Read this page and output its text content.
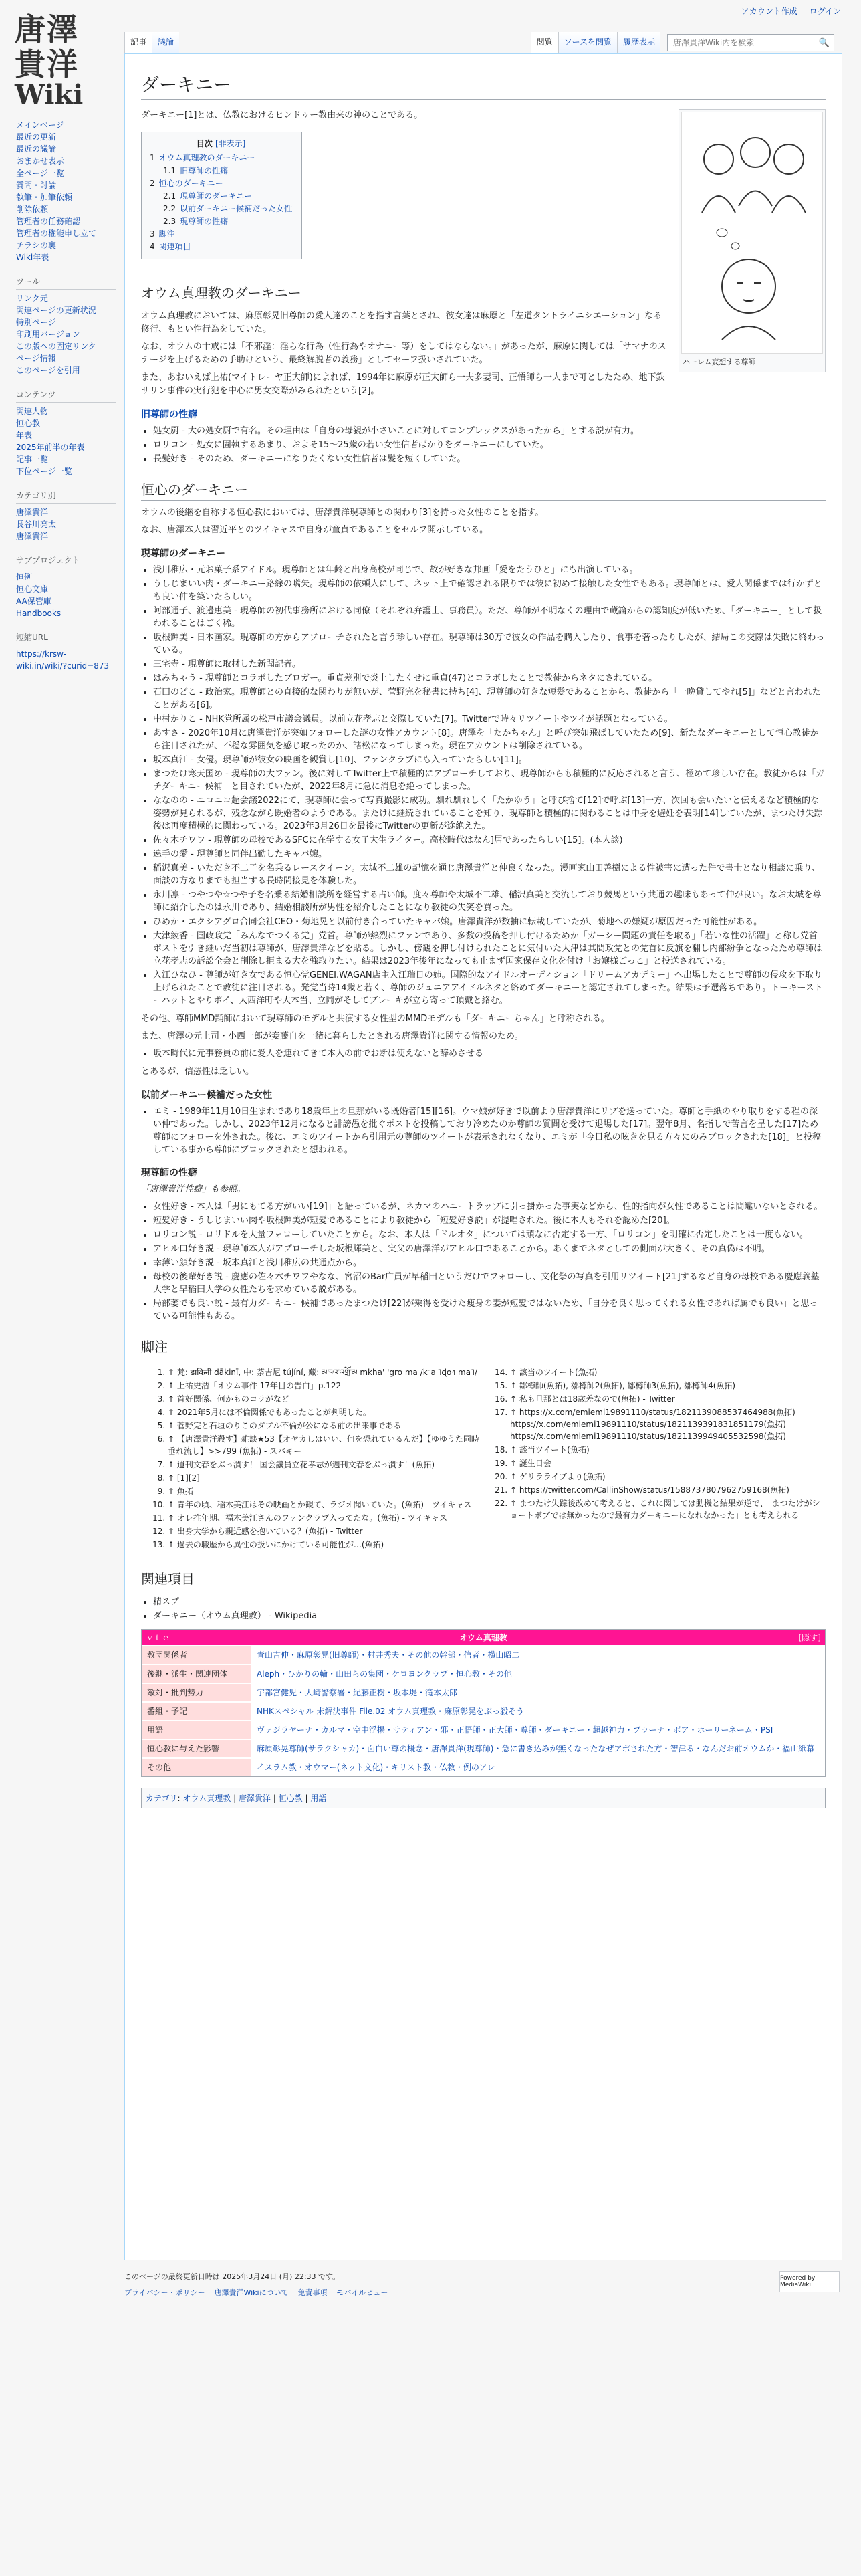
アカウント作成 ログイン
唐澤
貴洋
Wiki
メインページ
最近の更新
最近の議論
おまかせ表示
全ページ一覧
質問・討論
執筆・加筆依頼
削除依頼
管理者の任務確認
管理者の権能申し立て
チラシの裏
Wiki年表
ツール
リンク元
関連ページの更新状況
特別ページ
印刷用バージョン
この版への固定リンク
ページ情報
このページを引用
コンテンツ
関連人物
恒心教
年表
2025年前半の年表
記事一覧
下位ページ一覧
カテゴリ別
唐澤貴洋
長谷川亮太
唐澤貴洋
サブプロジェクト
恒例
恒心文庫
AA保管庫
Handbooks
短縮URL
https://krsw-wiki.in/wiki/?curid=873
記事	議論	閲覧	ソースを閲覧	履歴表示
唐澤貴洋Wiki内を検索	🔍
ダーキニー
ハーレム妄想する尊師

ダーキニー[1]とは、仏教におけるヒンドゥー教由来の神のことである。

目次 [非表示]
1 オウム真理教のダーキニー
1.1 旧尊師の性癖
2 恒心のダーキニー
2.1 現尊師のダーキニー
2.2 以前ダーキニー候補だった女性
2.3 現尊師の性癖
3 脚注
4 関連項目
オウム真理教のダーキニー

オウム真理教においては、麻原彰晃旧尊師の愛人達のことを指す言葉とされ、彼女達は麻原と「左道タントライニシエーション」なる修行、もとい性行為をしていた。

なお、オウムの十戒には「不邪淫：淫らな行為（性行為やオナニー等）をしてはならない。」があったが、麻原に関しては「サマナのステージを上げるための手助けという、最終解脱者の義務」としてセーフ扱いされていた。

また、あおいえば上祐(マイトレーヤ正大師)によれば、1994年に麻原が正大師ら一夫多妻司、正悟師ら一人まで可としたため、地下鉄サリン事件の実行犯を中心に男女交際がみられたという[2]。

旧尊師の性癖
• 処女厨 - 大の処女厨で有名。その理由は「自身の母親が小さいことに対してコンプレックスがあったから」とする説が有力。
• ロリコン - 処女に固執するあまり、およそ15〜25歳の若い女性信者ばかりをダーキニーにしていた。
• 長髪好き - そのため、ダーキニーになりたくない女性信者は髪を短くしていた。
恒心のダーキニー

オウムの後継を自称する恒心教においては、唐澤貴洋現尊師との関わり[3]を持った女性のことを指す。

なお、唐澤本人は習近平とのツイキャスで自身が童貞であることをセルフ開示している。

現尊師のダーキニー
• 浅川稚広・元お菓子系アイドル。現尊師とは年齢と出身高校が同じで、故が好きな邦画「愛をたうひと」にも出演している。
• うしじまいい肉・ダーキニー路線の嚆矢。現尊師の依頼人にして、ネット上で確認される限りでは彼に初めて接触した女性でもある。現尊師とは、愛人関係までは行かずとも良い仲を築いたらしい。
• 阿部通子、渡邉恵美 - 現尊師の初代事務所における同僚（それぞれ弁護士、事務員）。ただ、尊師が不明なくの理由で蔵論からの認知度が低いため、「ダーキニー」として扱われることはごく稀。
• 坂根輝美 - 日本画家。現尊師の方からアプローチされたと言う珍しい存在。現尊師は30万で彼女の作品を購入したり、食事を奢ったりしたが、結局この交際は失敗に終わっている。
• 三宅寺 - 現尊師に取材した新聞記者。
• はみちゃう - 現尊師とコラボしたブロガー。重貞差別で炎上したくせに重貞(47)とコラボしたことで教徒からネタにされている。
• 石田のどこ - 政治家。現尊師との直接的な関わりが無いが、菅野完を秘書に持ち[4]、現尊師の好きな短髪であることから、教徒から「一晩貸してやれ[5]」などと言われたことがある[6]。
• 中村かりこ - NHK党所属の松戸市議会議員。以前立花孝志と交際していた[7]。Twitterで時々リツイートやツイが話題となっている。
• あすさ - 2020年10月に唐澤貴洋が突如フォローした謎の女性アカウント[8]。唐澤を「たかちゃん」と呼び突如飛ばしていたため[9]、新たなダーキニーとして恒心教徒から注目されたが、不穏な雰囲気を感じ取ったのか、諸松になってしまった。現在アカウントは削除されている。
• 坂本真江 - 女優。現尊師が彼女の映画を観賞し[10]、ファンクラブにも入っていたらしい[11]。
• まつたけ寒天国め - 現尊師の大ファン。後に対してTwitter上で積極的にアプローチしており、現尊師からも積極的に反応されると言う、極めて珍しい存在。教徒からは「ガチダーキニー候補」と目されていたが、2022年8月に急に消息を絶ってしまった。
• ななのの - ニコニコ超会議2022にて、現尊師に会って写真撮影に成功。馴れ馴れしく「たかゆう」と呼び捨て[12]で呼ぶ[13]一方、次回も会いたいと伝えるなど積極的な姿勢が見られるが、残念ながら既婚者のようである。またけに継続されていることを知り、現尊師と積極的に関わることは中身を避妊を表明[14]していたが、まつたけ失踪後は再度積極的に関わっている。2023年3月26日を最後にTwitterの更新が途絶えた。
• 佐々木チワワ - 現尊師の母校であるSFCに在学する女子大生ライター。高校時代はなん]居であったらしい[15]。(本人談)
• 遠手の愛 - 現尊師と同伴出勤したキャバ嬢。
• 稲沢真美 - いただき不二子を名乗るレースクイーン。太城不二雄の記憶を通じ唐澤貴洋と仲良くなった。漫画家山田善樹による性被害に遭った件で書士となり相談に乗り、面談の方なりまでも担当する長時間接見を体験した。
• 永川凛 - つやつや☆つや子を名乗る結婚相談所を経営する占い師。度々尊師や太城不二雄、稲沢真美と交流しており競馬という共通の趣味もあって仲が良い。なお太城を尊師に紹介したのは永川であり、結婚相談所が男性を紹介したことになり教徒の失笑を買った。
• ひめか・エクシアグロ合同会社CEO・菊地晃と以前付き合っていたキャバ嬢。唐澤貴洋が数抽に転載していたが、菊地への嫌疑が原因だった可能性がある。
• 大津綾香 - 国政政党「みんなでつくる党」党首。尊師が熱烈にファンであり、多数の投稿を押し付けるためか「ガーシー問題の責任を取る」「若いな性の活躍」と称し党首ポストを引き継いだ当初は尊師が、唐澤貴洋などを貼る。しかし、傍観を押し付けられたことに気付いた大津は其間政党との党首に反旗を翻し内部紛争となったため尊師は立花孝志の訴訟全会と削除し拒まる大を強取りたい。結果は2023年後年になっても止まず国家保存文化を付け「お嬢様ごっこ」と投送されている。
• 入江ひなひ - 尊師が好き女である恒心党GENEI.WAGAN店主入江瑞日の姉。国際的なアイドルオーディション「ドリームアカデミー」へ出場したことで尊師の侵攻を下取り上げられたことで教徒に注目される。発覚当時14歳と若く、尊師のジュニアアイドルネタと絡めてダーキニーと認定されてしまった。結果は予選落ちであり。トーキーストーハットとやりポイ、大西洋町や大本当、立岡がそしてブレーキが立ち寄って頂戴と絡む。

その他、尊師MMD踊師において現尊師のモデルと共演する女性型のMMDモデルも「ダーキニーちゃん」と呼称される。

また、唐澤の元上司・小西一郎が妾藤自を一緒に暮らしたとされる唐澤貴洋に関する情報のため。

• 坂本時代に元事務員の前に愛人を連れてきて本人の前でお断は使えないと辞めさせる

とあるが、信憑性は乏しい。

以前ダーキニー候補だった女性
• エミ - 1989年11月10日生まれであり18歳年上の旦那がいる既婚者[15][16]。ウマ娘が好きで以前より唐澤貴洋にリプを送っていた。尊師と手紙のやり取りをする程の深い仲であった。しかし、2023年12月になると誹謗愚を批ぐポストを投稿しており冷めたのか尊師の質問を受けて退場した[17]。翌年8月、名指しで苦言を呈した[17]ため尊師にフォローを外された。後に、エミのツイートから引用元の尊師のツイートが表示されなくなり、エミが「今日私の呟きを見る方々にのみブロックされた[18]」と投稿している事から尊師にブロックされたと想われる。
現尊師の性癖

「唐澤貴洋性癖」も参照。

• 女性好き - 本人は「男にもてる方がいい[19]」と語っているが、ネカマのハニートラップに引っ掛かった事実などから、性的指向が女性であることは間違いないとされる。
• 短髪好き - うしじまいい肉や坂根輝美が短髪であることにより教徒から「短髪好き説」が提唱された。後に本人もそれを認めた[20]。
• ロリコン説 - ロリドルを大量フォローしていたことから。なお、本人は「ドルオタ」については頑なに否定する一方、「ロリコン」を明確に否定したことは一度もない。
• アヒル口好き説 - 現尊師本人がアプローチした坂根輝美と、実父の唐澤洋がアヒル口であることから。あくまでネタとしての側面が大きく、その真偽は不明。
• 幸薄い顔好き説 - 坂本真江と浅川稚広の共通点から。
• 母校の後輩好き説 - 慶應の佐々木チワワやなな、宮沼のBar店員が早稲田というだけでフォローし、文化祭の写真を引用リツイート[21]するなど自身の母校である慶應義塾大学と早稲田大学の女性たちを求めている説がある。
• 局部萎でも良い説 - 最有力ダーキニー候補であったまつたけ[22]が乗得を受けた痩身の妻が短髪ではないため、「自分を良く思ってくれる女性であれば属でも良い」と思っている可能性もある。
脚注
1. ↑ 梵: डाकिनी dākinī, 中: 荼吉尼 tújíní, 藏: མཁའ་འགྲོ་མ mkha' 'gro ma /kʰa˥˥ɖo˧˥ ma˥/
2. ↑ 上祐史浩「オウム事件 17年目の告白」p.122
3. ↑ 首好関係、何かものコラがなど
4. ↑ 2021年5月には不倫関係でもあったことが判明した。
5. ↑ 菅野完と石垣のりこのダブル不倫が公になる前の出来事である
6. ↑ 【唐澤貴洋殺す】雑談★53【オヤカしはいい、何を恐れているんだ】【ゆゆうた同時垂れ流し】>>799 (魚拓) - スバキー
7. ↑ 遺刊文春をぶっ潰す！ 国会議員立花孝志が週刊文春をぶっ潰す！(魚拓)
8. ↑ [1][2]
9. ↑ 魚拓
10. ↑ 青年の頃、稲木美江はその映画とか観て、ラジオ聞いていた。(魚拓) - ツイキャス
11. ↑ オレ推年期、福木美江さんのファンクラブ入ってたな。(魚拓) - ツイキャス
12. ↑ 出身大学から親近感を抱いている？(魚拓) - Twitter
13. ↑ 過去の職歴から異性の扱いにかけている可能性が…(魚拓)
14. ↑ 該当のツイート(魚拓)
15. ↑ 鄒樽師(魚拓), 鄒樽師2(魚拓), 鄒樽師3(魚拓), 鄒樽師4(魚拓)
16. ↑ 私も旦那とは18歳差なので(魚拓) - Twitter
17. ↑ https://x.com/emiemi19891110/status/1821139088537464988(魚拓) https://x.com/emiemi19891110/status/1821139391831851179(魚拓) https://x.com/emiemi19891110/status/1821139949405532598(魚拓)
18. ↑ 該当ツイート(魚拓)
19. ↑ 誕生日会
20. ↑ ゲリラライブより(魚拓)
21. ↑ https://twitter.com/CallinShow/status/1588737807962759168(魚拓)
22. ↑ まつたけ失踪後改めて考えると、これに関しては動機と結果が逆で、「まつたけがショートボブでは無かったので最有力ダーキニーになれなかった」とも考えられる
関連項目
• 精スプ
• ダーキニー（オウム真理教） - Wikipedia
ｖｔｅ	オウム真理教	[隠す]
教団関係者	青山吉伸・麻原彰晃(旧尊師)・村井秀夫・その他の幹部・信者・横山昭二
後継・派生・関連団体	Aleph・ひかりの輪・山田らの集団・ケロヨンクラブ・恒心教・その他
敵対・批判勢力	宇都宮健児・大崎警察署・紀藤正樹・坂本堤・滝本太郎
番組・予記	NHKスペシャル 未解決事件 File.02 オウム真理教・麻原彰晃をぶっ殺そう
用語	ヴァジラヤーナ・カルマ・空中浮揚・サティアン・邪・正悟師・正大師・尊師・ダーキニー・超越神力・ブラーナ・ポア・ホーリーネーム・PSI
恒心教に与えた影響	麻原彰晃尊師(サラクシャカ)・面白い尊の概念・唐澤貴洋(現尊師)・急に書き込みが無くなったなぜアポされた方・智津る・なんだお前オウムか・福山紙幕
その他	イスラム教・オウマー(ネット文化)・キリスト教・仏教・例のアレ
カテゴリ: オウム真理教 | 唐澤貴洋 | 恒心教 | 用語
このページの最終更新日時は 2025年3月24日 (月) 22:33 です。
プライバシー・ポリシー 唐澤貴洋Wikiについて 免責事項 モバイルビュー
Powered by MediaWiki
